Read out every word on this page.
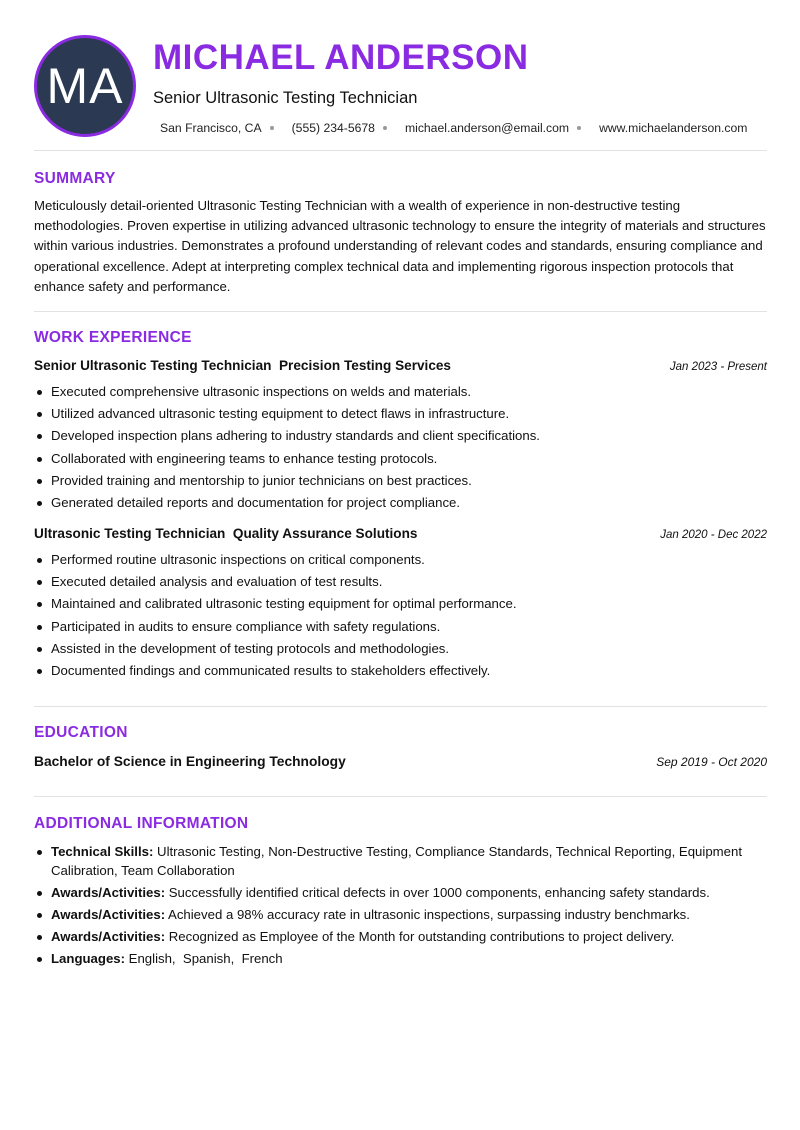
MA
MICHAEL ANDERSON
Senior Ultrasonic Testing Technician
San Francisco, CA (555) 234-5678 michael.anderson@email.com www.michaelanderson.com
SUMMARY
Meticulously detail-oriented Ultrasonic Testing Technician with a wealth of experience in non-destructive testing methodologies. Proven expertise in utilizing advanced ultrasonic technology to ensure the integrity of materials and structures within various industries. Demonstrates a profound understanding of relevant codes and standards, ensuring compliance and operational excellence. Adept at interpreting complex technical data and implementing rigorous inspection protocols that enhance safety and performance.
WORK EXPERIENCE
Senior Ultrasonic Testing Technician  Precision Testing Services	Jan 2023 - Present
Executed comprehensive ultrasonic inspections on welds and materials.
Utilized advanced ultrasonic testing equipment to detect flaws in infrastructure.
Developed inspection plans adhering to industry standards and client specifications.
Collaborated with engineering teams to enhance testing protocols.
Provided training and mentorship to junior technicians on best practices.
Generated detailed reports and documentation for project compliance.
Ultrasonic Testing Technician  Quality Assurance Solutions	Jan 2020 - Dec 2022
Performed routine ultrasonic inspections on critical components.
Executed detailed analysis and evaluation of test results.
Maintained and calibrated ultrasonic testing equipment for optimal performance.
Participated in audits to ensure compliance with safety regulations.
Assisted in the development of testing protocols and methodologies.
Documented findings and communicated results to stakeholders effectively.
EDUCATION
Bachelor of Science in Engineering Technology	Sep 2019 - Oct 2020
ADDITIONAL INFORMATION
Technical Skills: Ultrasonic Testing, Non-Destructive Testing, Compliance Standards, Technical Reporting, Equipment Calibration, Team Collaboration
Awards/Activities: Successfully identified critical defects in over 1000 components, enhancing safety standards.
Awards/Activities: Achieved a 98% accuracy rate in ultrasonic inspections, surpassing industry benchmarks.
Awards/Activities: Recognized as Employee of the Month for outstanding contributions to project delivery.
Languages: English,  Spanish,  French
